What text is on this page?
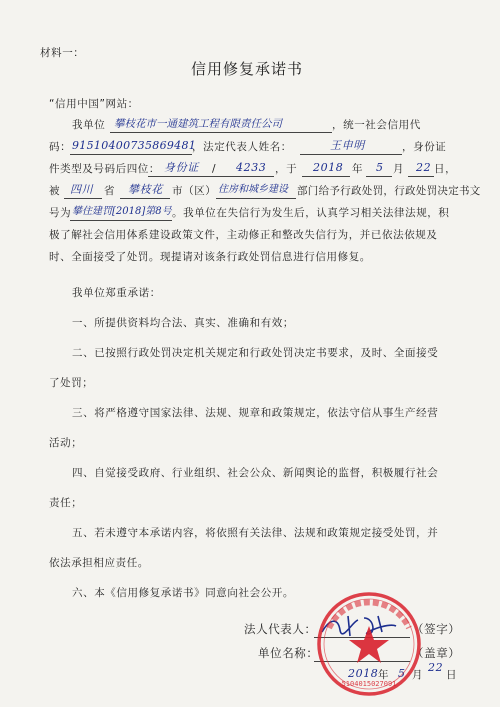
材料一：
信用修复承诺书
“信用中国”网站：
我单位 攀枝花市一通建筑工程有限责任公司	，统一社会信用代
码： 91510400735869481
，法定代表人姓名：	王申明	，身份证
件类型及号码后四位： 身份证 / 4233 ，于 2018 年 5 月 22 日，
被 四川 省 攀枝花 市（区） 住房和城乡建设 部门给予行政处罚，行政处罚决定书文
号为 攀住建罚[2018]第8号 。我单位在失信行为发生后，认真学习相关法律法规，积
极了解社会信用体系建设政策文件，主动修正和整改失信行为，并已依法依规及
时、全面接受了处罚。现提请对该条行政处罚信息进行信用修复。
我单位郑重承诺：
一、所提供资料均合法、真实、准确和有效；
二、已按照行政处罚决定机关规定和行政处罚决定书要求，及时、全面接受
了处罚；
三、将严格遵守国家法律、法规、规章和政策规定，依法守信从事生产经营
活动；
四、自觉接受政府、行业组织、社会公众、新闻舆论的监督，积极履行社会
责任；
五、若未遵守本承诺内容，将依照有关法律、法规和政策规定接受处罚，并
依法承担相应责任。
六、本《信用修复承诺书》同意向社会公开。
法人代表人：	（签字）
单位名称：	（盖章）
2018 年 5 月
22
日
5104015027091
